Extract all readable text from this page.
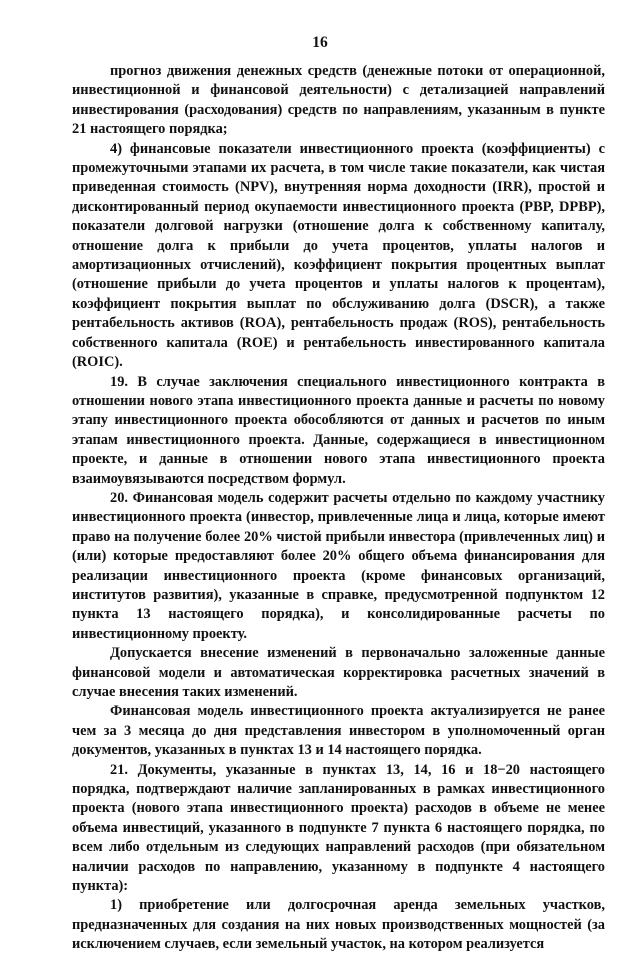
16

прогноз движения денежных средств (денежные потоки от операционной, инвестиционной и финансовой деятельности) с детализацией направлений инвестирования (расходования) средств по направлениям, указанным в пункте 21 настоящего порядка;

4) финансовые показатели инвестиционного проекта (коэффициенты) с промежуточными этапами их расчета, в том числе такие показатели, как чистая приведенная стоимость (NPV), внутренняя норма доходности (IRR), простой и дисконтированный период окупаемости инвестиционного проекта (PBP, DPBP), показатели долговой нагрузки (отношение долга к собственному капиталу, отношение долга к прибыли до учета процентов, уплаты налогов и амортизационных отчислений), коэффициент покрытия процентных выплат (отношение прибыли до учета процентов и уплаты налогов к процентам), коэффициент покрытия выплат по обслуживанию долга (DSCR), а также рентабельность активов (ROA), рентабельность продаж (ROS), рентабельность собственного капитала (ROE) и рентабельность инвестированного капитала (ROIC).

19. В случае заключения специального инвестиционного контракта в отношении нового этапа инвестиционного проекта данные и расчеты по новому этапу инвестиционного проекта обособляются от данных и расчетов по иным этапам инвестиционного проекта. Данные, содержащиеся в инвестиционном проекте, и данные в отношении нового этапа инвестиционного проекта взаимоувязываются посредством формул.

20. Финансовая модель содержит расчеты отдельно по каждому участнику инвестиционного проекта (инвестор, привлеченные лица и лица, которые имеют право на получение более 20% чистой прибыли инвестора (привлеченных лиц) и (или) которые предоставляют более 20% общего объема финансирования для реализации инвестиционного проекта (кроме финансовых организаций, институтов развития), указанные в справке, предусмотренной подпунктом 12 пункта 13 настоящего порядка), и консолидированные расчеты по инвестиционному проекту.

Допускается внесение изменений в первоначально заложенные данные финансовой модели и автоматическая корректировка расчетных значений в случае внесения таких изменений.

Финансовая модель инвестиционного проекта актуализируется не ранее чем за 3 месяца до дня представления инвестором в уполномоченный орган документов, указанных в пунктах 13 и 14 настоящего порядка.

21. Документы, указанные в пунктах 13, 14, 16 и 18−20 настоящего порядка, подтверждают наличие запланированных в рамках инвестиционного проекта (нового этапа инвестиционного проекта) расходов в объеме не менее объема инвестиций, указанного в подпункте 7 пункта 6 настоящего порядка, по всем либо отдельным из следующих направлений расходов (при обязательном наличии расходов по направлению, указанному в подпункте 4 настоящего пункта):

1) приобретение или долгосрочная аренда земельных участков, предназначенных для создания на них новых производственных мощностей (за исключением случаев, если земельный участок, на котором реализуется
